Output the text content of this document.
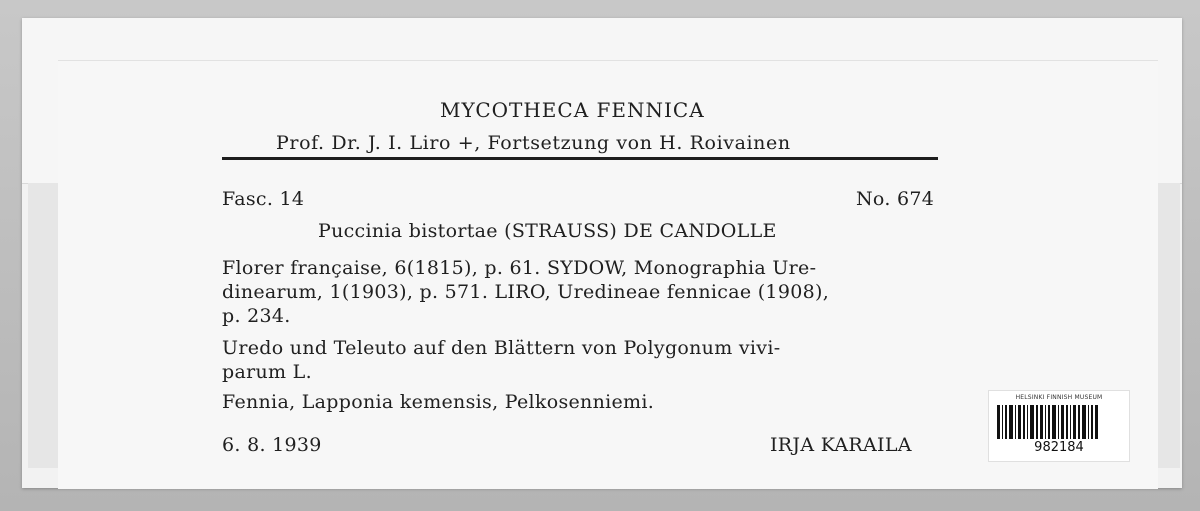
MYCOTHECA FENNICA
Prof. Dr. J. I. Liro +, Fortsetzung von H. Roivainen
Fasc. 14	No. 674
Puccinia bistortae (STRAUSS) DE CANDOLLE
Florer française, 6(1815), p. 61. SYDOW, Monographia Ure-
dinearum, 1(1903), p. 571. LIRO, Uredineae fennicae (1908),
p. 234.
Uredo und Teleuto auf den Blättern von Polygonum vivi-
parum L.
Fennia, Lapponia kemensis, Pelkosenniemi.
6. 8. 1939	IRJA KARAILA
HELSINKI FINNISH MUSEUM
982184
